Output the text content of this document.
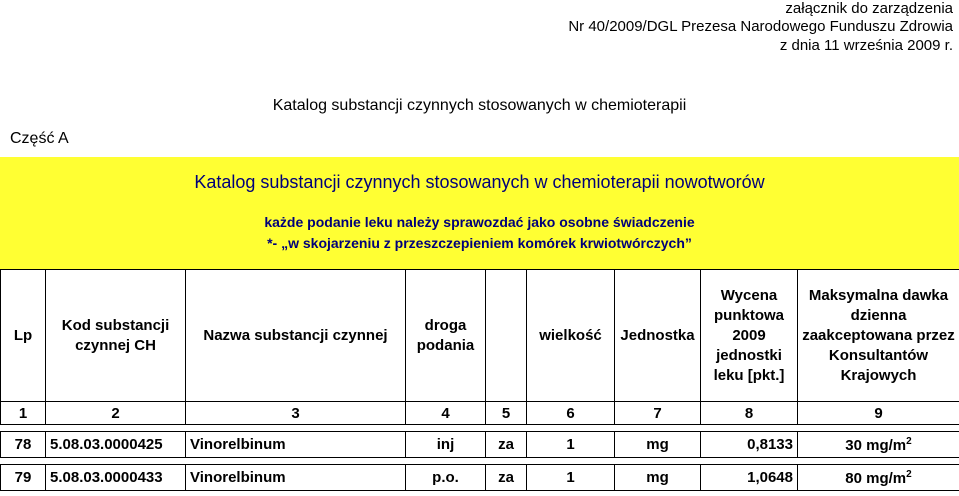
załącznik do zarządzenia
Nr 40/2009/DGL Prezesa Narodowego Funduszu Zdrowia
z dnia 11 września 2009 r.
Katalog substancji czynnych stosowanych w chemioterapii
Część A
Katalog substancji czynnych stosowanych w chemioterapii nowotworów
każde podanie leku należy sprawozdać jako osobne świadczenie
*- „w skojarzeniu z przeszczepieniem komórek krwiotwórczych”
Lp	Kod substancji czynnej CH	Nazwa substancji czynnej	droga podania		wielkość	Jednostka	Wycena punktowa 2009 jednostki leku [pkt.]	Maksymalna dawka dzienna zaakceptowana przez Konsultantów Krajowych
1	2	3	4	5	6	7	8	9

78	5.08.03.0000425	Vinorelbinum	inj	za	1	mg	0,8133	30 $mg/m^2$

79	5.08.03.0000433	Vinorelbinum	p.o.	za	1	mg	1,0648	80 $mg/m^2$
